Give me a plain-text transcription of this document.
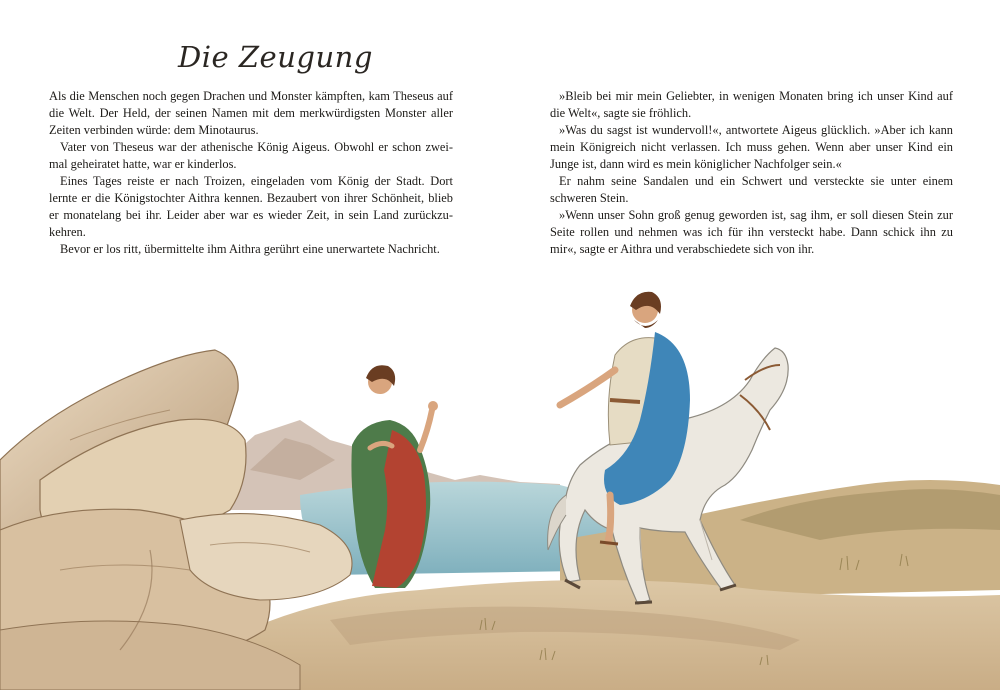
Die Zeugung

Als die Menschen noch gegen Drachen und Monster kämpften, kam Theseus auf die Welt. Der Held, der seinen Namen mit dem merkwürdigsten Monster aller Zeiten verbinden würde: dem Minotaurus.

Vater von Theseus war der athenische König Aigeus. Obwohl er schon zweimal geheiratet hatte, war er kinderlos.

Eines Tages reiste er nach Troizen, eingeladen vom König der Stadt. Dort lernte er die Königstochter Aithra kennen. Bezaubert von ihrer Schönheit, blieb er monatelang bei ihr. Leider aber war es wieder Zeit, in sein Land zurückzukehren.

Bevor er los ritt, übermittelte ihm Aithra gerührt eine unerwartete Nachricht.

»Bleib bei mir mein Geliebter, in wenigen Monaten bring ich unser Kind auf die Welt«, sagte sie fröhlich.

»Was du sagst ist wundervoll!«, antwortete Aigeus glücklich. »Aber ich kann mein Königreich nicht verlassen. Ich muss gehen. Wenn aber unser Kind ein Junge ist, dann wird es mein königlicher Nachfolger sein.«

Er nahm seine Sandalen und ein Schwert und versteckte sie unter einem schweren Stein.

»Wenn unser Sohn groß genug geworden ist, sag ihm, er soll diesen Stein zur Seite rollen und nehmen was ich für ihn versteckt habe. Dann schick ihn zu mir«, sagte er Aithra und verabschiedete sich von ihr.
